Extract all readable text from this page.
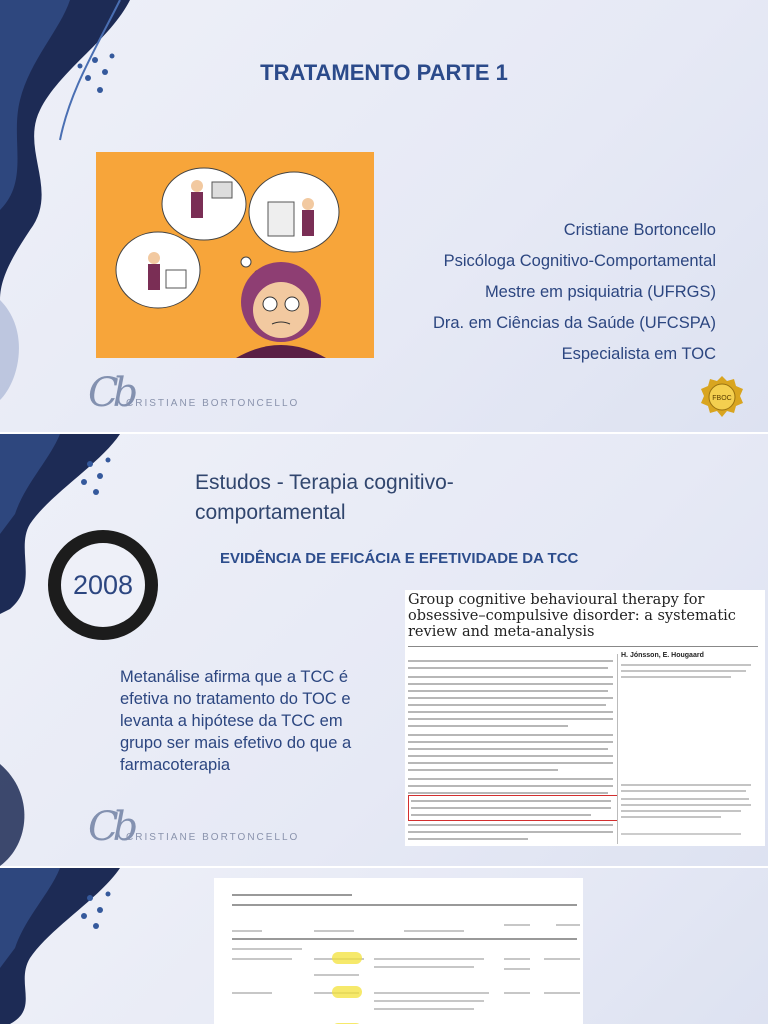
TRATAMENTO PARTE 1
Cristiane Bortoncello
Psicóloga Cognitivo-Comportamental
Mestre em psiquiatria (UFRGS)
Dra. em Ciências da Saúde (UFCSPA)
Especialista em TOC
Cb
CRISTIANE BORTONCELLO	FBOC
Estudos - Terapia cognitivo-comportamental
EVIDÊNCIA DE EFICÁCIA E EFETIVIDADE DA TCC
2008
Metanálise afirma que a TCC é efetiva no tratamento do TOC e levanta a hipótese da TCC em grupo ser mais efetivo do que a farmacoterapia
Group cognitive behavioural therapy for obsessive–compulsive disorder: a systematic review and meta-analysis
H. Jónsson, E. Hougaard
Cb
CRISTIANE BORTONCELLO
